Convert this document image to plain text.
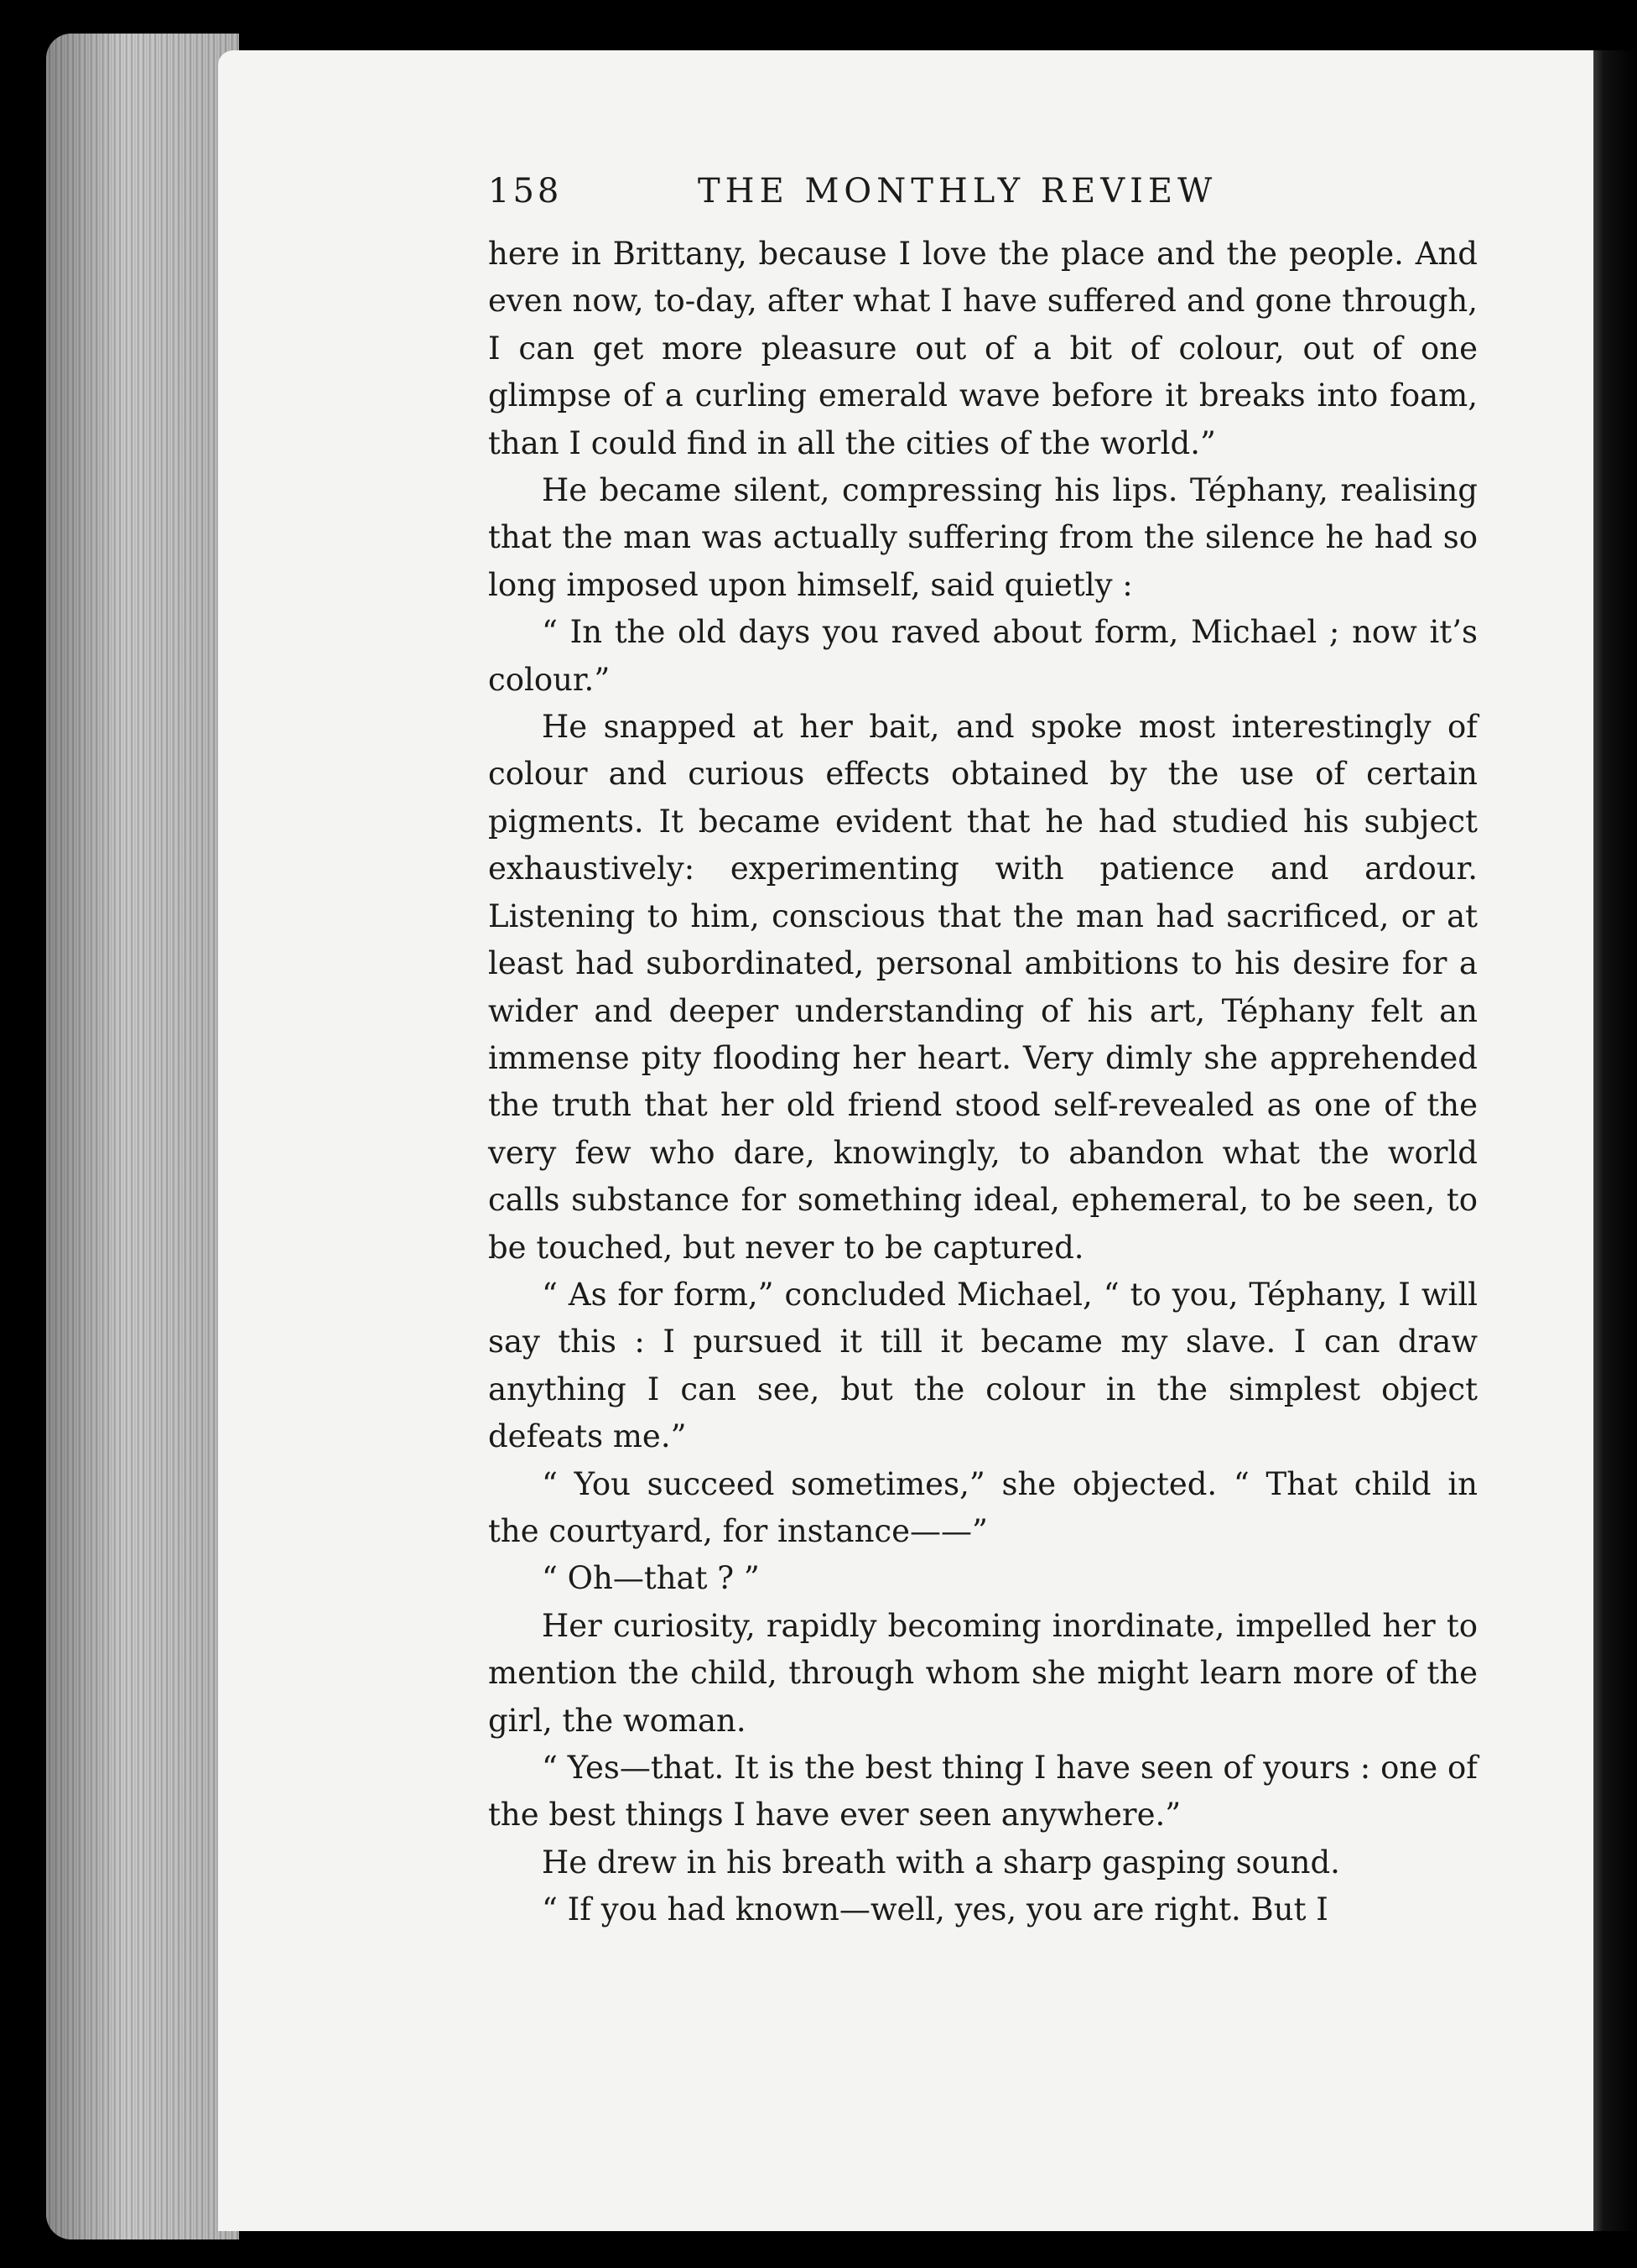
158	THE MONTHLY REVIEW

here in Brittany, because I love the place and the people. And even now, to-day, after what I have suffered and gone through, I can get more pleasure out of a bit of colour, out of one glimpse of a curling emerald wave before it breaks into foam, than I could find in all the cities of the world.”

He became silent, compressing his lips. Téphany, realising that the man was actually suffering from the silence he had so long imposed upon himself, said quietly :

“ In the old days you raved about form, Michael ; now it’s colour.”

He snapped at her bait, and spoke most interestingly of colour and curious effects obtained by the use of certain pigments. It became evident that he had studied his subject exhaustively: experimenting with patience and ardour. Listening to him, conscious that the man had sacrificed, or at least had subordinated, personal ambitions to his desire for a wider and deeper understanding of his art, Téphany felt an immense pity flooding her heart. Very dimly she apprehended the truth that her old friend stood self-revealed as one of the very few who dare, knowingly, to abandon what the world calls substance for something ideal, ephemeral, to be seen, to be touched, but never to be captured.

“ As for form,” concluded Michael, “ to you, Téphany, I will say this : I pursued it till it became my slave. I can draw anything I can see, but the colour in the simplest object defeats me.”

“ You succeed sometimes,” she objected. “ That child in the courtyard, for instance——”

“ Oh—that ? ”

Her curiosity, rapidly becoming inordinate, impelled her to mention the child, through whom she might learn more of the girl, the woman.

“ Yes—that. It is the best thing I have seen of yours : one of the best things I have ever seen anywhere.”

He drew in his breath with a sharp gasping sound.

“ If you had known—well, yes, you are right. But I
